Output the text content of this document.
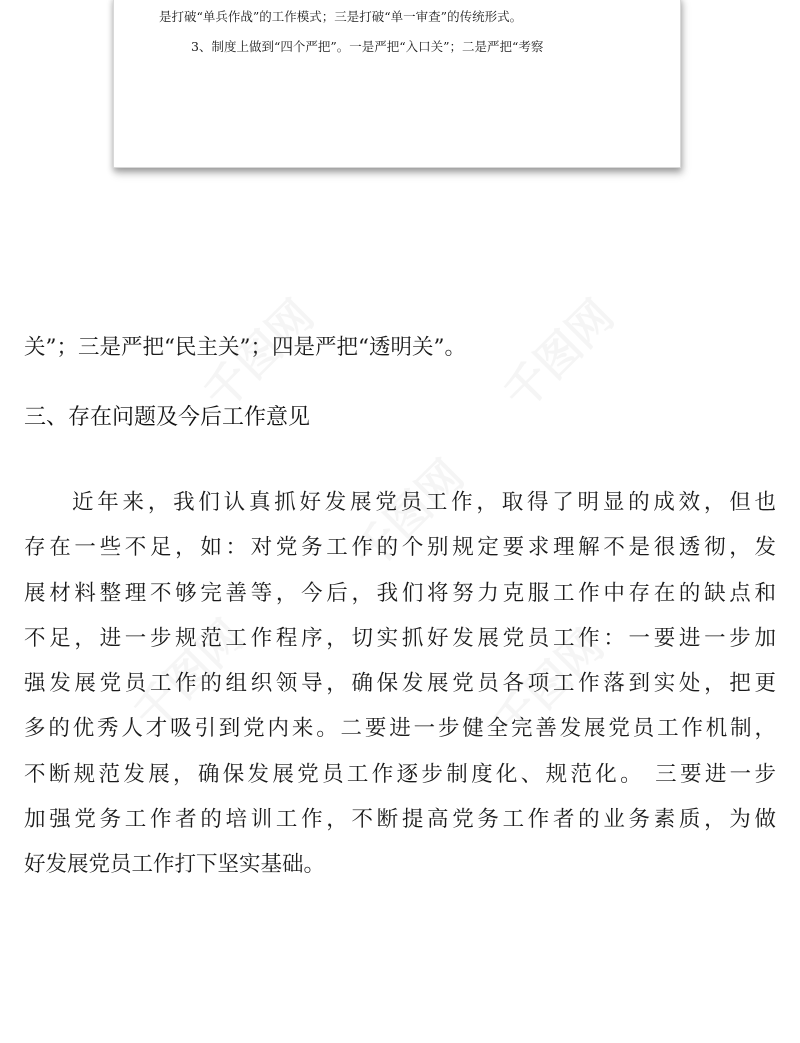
千图网	千图网
千图网
千图网	千图网
是打破“单兵作战”的工作模式；三是打破“单一审查”的传统形式。
3、制度上做到“四个严把”。一是严把“入口关”；二是严把“考察
关”；三是严把“民主关”；四是严把“透明关”。
三、存在问题及今后工作意见
近年来，我们认真抓好发展党员工作，取得了明显的成效，但也
存在一些不足，如：对党务工作的个别规定要求理解不是很透彻，发
展材料整理不够完善等，今后，我们将努力克服工作中存在的缺点和
不足，进一步规范工作程序，切实抓好发展党员工作：一要进一步加
强发展党员工作的组织领导，确保发展党员各项工作落到实处，把更
多的优秀人才吸引到党内来。二要进一步健全完善发展党员工作机制，
不断规范发展，确保发展党员工作逐步制度化、规范化。 三要进一步
加强党务工作者的培训工作，不断提高党务工作者的业务素质，为做
好发展党员工作打下坚实基础。
